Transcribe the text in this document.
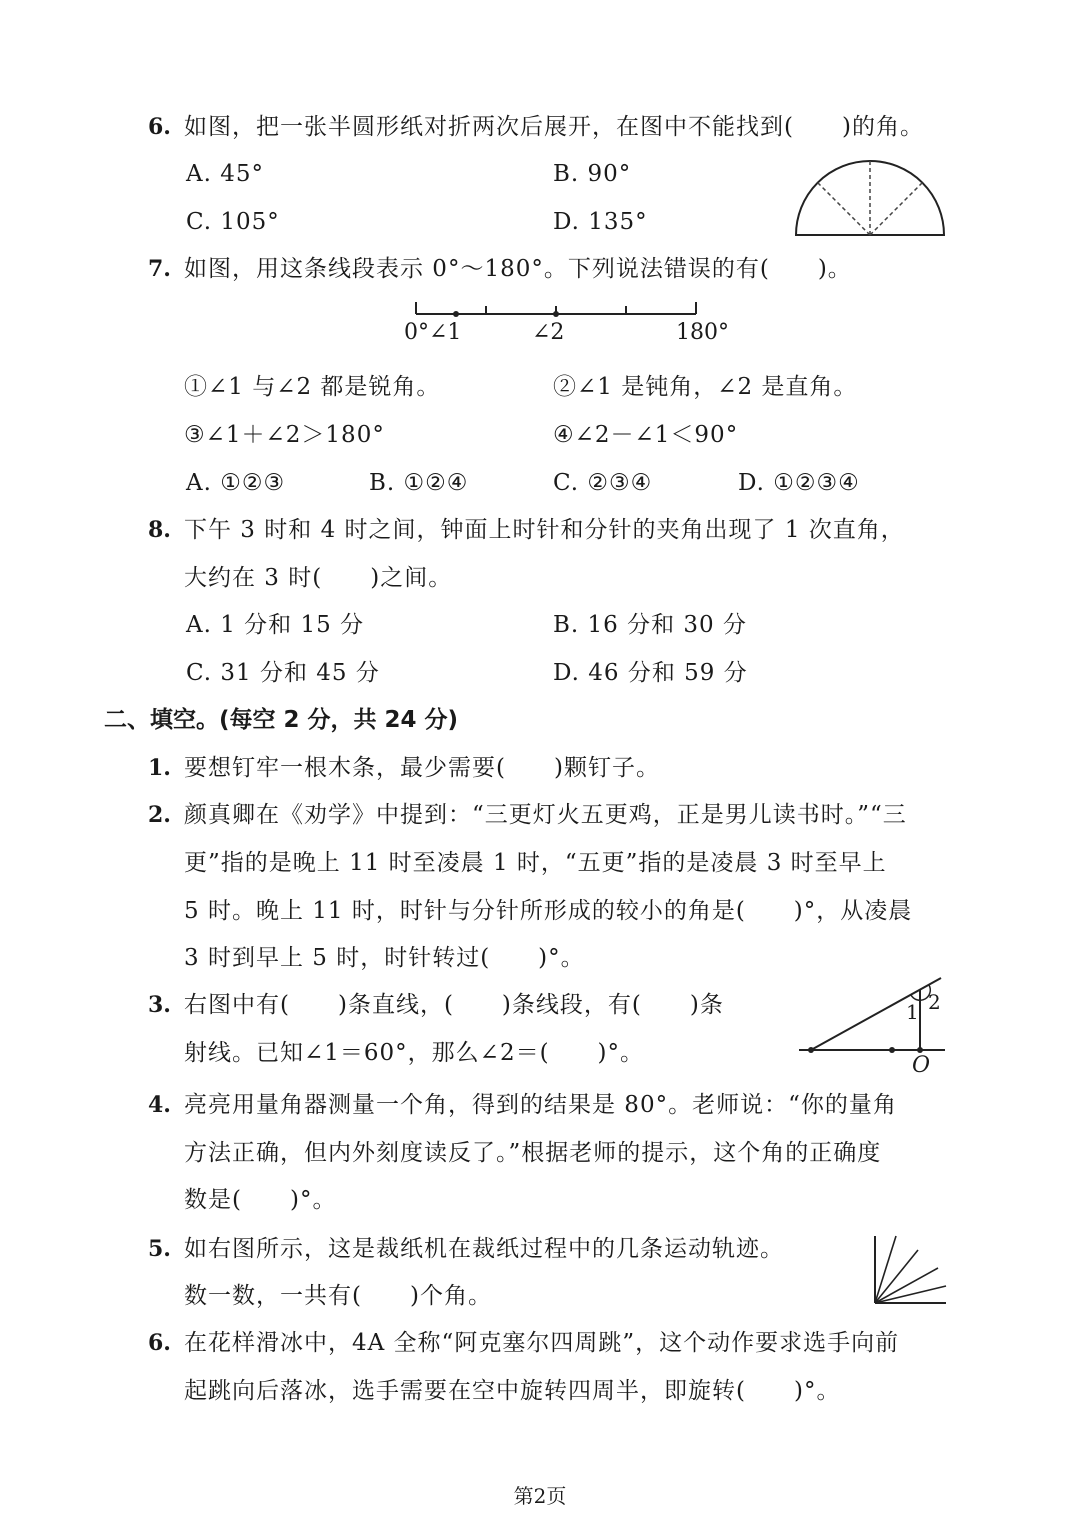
6. 如图，把一张半圆形纸对折两次后展开，在图中不能找到(　　)的角。
A. 45°	B. 90°
C. 105°	D. 135°
7. 如图，用这条线段表示 0°～180°。下列说法错误的有(　　)。
0°∠1	∠2	180°
①∠1 与∠2 都是锐角。	②∠1 是钝角，∠2 是直角。
③∠1＋∠2＞180°	④∠2－∠1＜90°
A. ①②③	B. ①②④	C. ②③④	D. ①②③④
8. 下午 3 时和 4 时之间，钟面上时针和分针的夹角出现了 1 次直角，
大约在 3 时(　　)之间。
A. 1 分和 15 分	B. 16 分和 30 分
C. 31 分和 45 分	D. 46 分和 59 分
二、填空。(每空 2 分，共 24 分)
1. 要想钉牢一根木条，最少需要(　　)颗钉子。
2. 颜真卿在《劝学》中提到：“三更灯火五更鸡，正是男儿读书时。”“三
更”指的是晚上 11 时至凌晨 1 时，“五更”指的是凌晨 3 时至早上
5 时。晚上 11 时，时针与分针所形成的较小的角是(　　)°，从凌晨
3 时到早上 5 时，时针转过(　　)°。
3. 右图中有(　　)条直线，(　　)条线段，有(　　)条
射线。已知∠1＝60°，那么∠2＝(　　)°。
1 2
O
4. 亮亮用量角器测量一个角，得到的结果是 80°。老师说：“你的量角
方法正确，但内外刻度读反了。”根据老师的提示，这个角的正确度
数是(　　)°。
5. 如右图所示，这是裁纸机在裁纸过程中的几条运动轨迹。
数一数，一共有(　　)个角。
6. 在花样滑冰中，4A 全称“阿克塞尔四周跳”，这个动作要求选手向前
起跳向后落冰，选手需要在空中旋转四周半，即旋转(　　)°。
第2页
